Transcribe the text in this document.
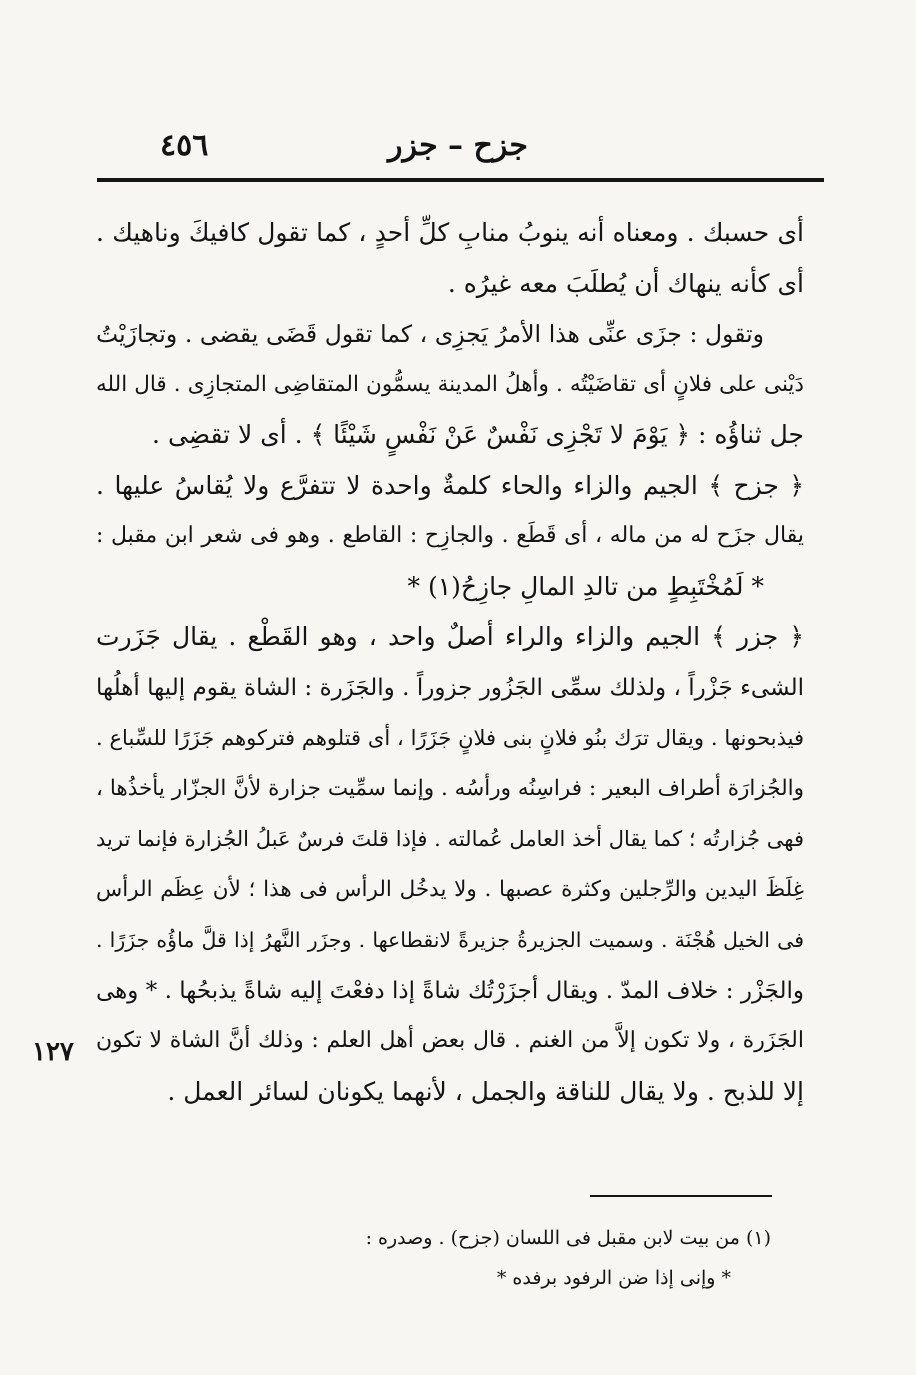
٤٥٦	جزح – جزر
أى حسبك . ومعناه أنه ينوبُ منابِ كلِّ أحدٍ ، كما تقول كافيكَ وناهيك .
أى كأنه ينهاك أن يُطلَبَ معه غيرُه .
وتقول : جزَى عنِّى هذا الأمرُ يَجزِى ، كما تقول قَضَى يقضى . وتجازَيْتُ
دَيْنى على فلانٍ أى تقاضَيْتُه . وأهلُ المدينة يسمُّون المتقاضِى المتجازِى . قال الله
جل ثناؤُه : ﴿ يَوْمَ لا تَجْزِى نَفْسٌ عَنْ نَفْسٍ شَيْئًا ﴾ . أى لا تقضِى .
﴿ جزح ﴾ الجيم والزاء والحاء كلمةٌ واحدة لا تتفرَّع ولا يُقاسُ عليها .
يقال جزَح له من ماله ، أى قَطَع . والجازِح : القاطع . وهو فى شعر ابن مقبل :
* لَمُخْتَبِطٍ من تالدِ المالِ جازِحُ(١) *
﴿ جزر ﴾ الجيم والزاء والراء أصلٌ واحد ، وهو القَطْع . يقال جَزَرت
الشىء جَزْراً ، ولذلك سمِّى الجَزُور جزوراً . والجَزَرة : الشاة يقوم إليها أهلُها
فيذبحونها . ويقال ترَك بنُو فلانٍ بنى فلانٍ جَزَرًا ، أى قتلوهم فتركوهم جَزَرًا للسِّباع .
والجُزارَة أطراف البعير : فراسِنُه ورأسُه . وإنما سمِّيت جزارة لأنَّ الجزّار يأخذُها ،
فهى جُزارتُه ؛ كما يقال أخذ العامل عُمالته . فإذا قلتَ فرسٌ عَبلُ الجُزارة فإنما تريد
غِلَظَ اليدين والرِّجلين وكثرة عصبها . ولا يدخُل الرأس فى هذا ؛ لأن عِظَم الرأس
فى الخيل هُجْنَة . وسميت الجزيرةُ جزيرةً لانقطاعها . وجزَر النَّهرُ إذا قلَّ ماؤُه جزَرًا .
والجَزْر : خلاف المدّ . ويقال أجزَرْتُك شاةً إذا دفعْتَ إليه شاةً يذبحُها . * وهى
الجَزَرة ، ولا تكون إلاَّ من الغنم . قال بعض أهل العلم : وذلك أنَّ الشاة لا تكون
إلا للذبح . ولا يقال للناقة والجمل ، لأنهما يكونان لسائر العمل .
١٢٧
(١) من بيت لابن مقبل فى اللسان (جزح) . وصدره :
* وإنى إذا ضن الرفود برفده *
